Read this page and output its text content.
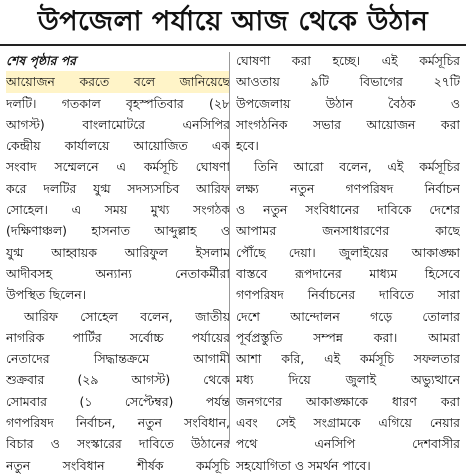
উপজেলা পর্যায়ে আজ থেকে উঠান
শেষ পৃষ্ঠার পর
আয়োজন করতে বলে জানিয়েছে
দলটি। গতকাল বৃহস্পতিবার (২৮
আগস্ট) বাংলামোটরে এনসিপির
কেন্দ্রীয় কার্যালয়ে আয়োজিত এক
সংবাদ সম্মেলনে এ কর্মসূচি ঘোষণা
করে দলটির যুগ্ম সদস্যসচিব আরিফ
সোহেল। এ সময় মুখ্য সংগঠক
(দক্ষিণাঞ্চল) হাসনাত আব্দুল্লাহ ও
যুগ্ম আহ্বায়ক আরিফুল ইসলাম
আদীবসহ অন্যান্য নেতাকর্মীরা
উপস্থিত ছিলেন।
আরিফ সোহেল বলেন, জাতীয়
নাগরিক পার্টির সর্বোচ্চ পর্যায়ের
নেতাদের সিদ্ধান্তক্রমে আগামী
শুক্রবার (২৯ আগস্ট) থেকে
সোমবার (১ সেপ্টেম্বর) পর্যন্ত
গণপরিষদ নির্বাচন, নতুন সংবিধান,
বিচার ও সংস্কারের দাবিতে উঠানের
নতুন সংবিধান শীর্ষক কর্মসূচি
ঘোষণা করা হচ্ছে। এই কর্মসূচির
আওতায় ৯টি বিভাগের ২৭টি
উপজেলায় উঠান বৈঠক ও
সাংগঠনিক সভার আয়োজন করা
হবে।
তিনি আরো বলেন, এই কর্মসূচির
লক্ষ্য নতুন গণপরিষদ নির্বাচন
ও নতুন সংবিধানের দাবিকে দেশের
আপামর জনসাধারণের কাছে
পৌঁছে দেয়া। জুলাইয়ের আকাঙ্ক্ষা
বাস্তবে রূপদানের মাধ্যম হিসেবে
গণপরিষদ নির্বাচনের দাবিতে সারা
দেশে আন্দোলন গড়ে তোলার
পূর্বপ্রস্তুতি সম্পন্ন করা। আমরা
আশা করি, এই কর্মসূচি সফলতার
মধ্য দিয়ে জুলাই অভ্যুত্থানে
জনগণের আকাঙ্ক্ষাকে ধারণ করা
এবং সেই সংগ্রামকে এগিয়ে নেয়ার
পথে এনসিপি দেশবাসীর
সহযোগিতা ও সমর্থন পাবে।
